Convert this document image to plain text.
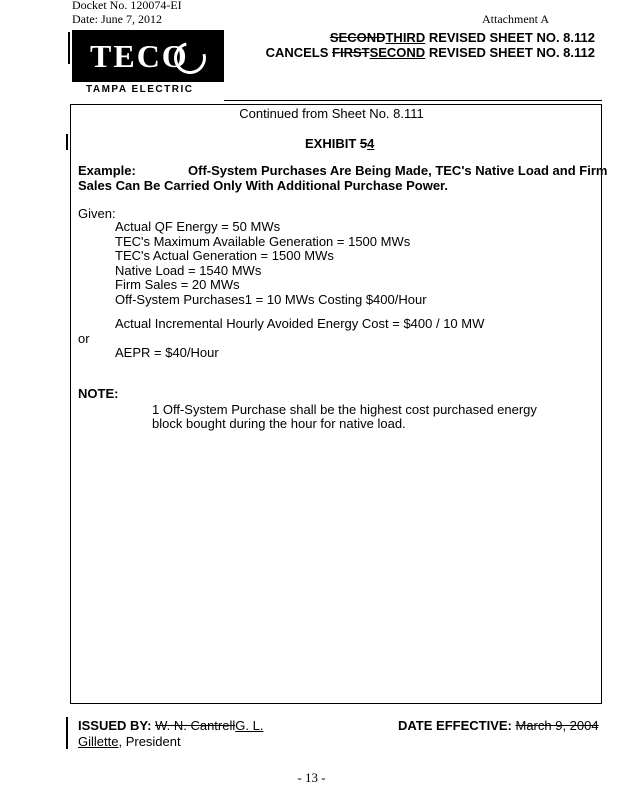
Docket No. 120074-EI
Date: June 7, 2012	Attachment A
TECO
TAMPA ELECTRIC
SECONDTHIRD REVISED SHEET NO. 8.112
CANCELS FIRSTSECOND REVISED SHEET NO. 8.112
Continued from Sheet No. 8.111
EXHIBIT 54
Example:	Off-System Purchases Are Being Made, TEC's Native Load and Firm
Sales Can Be Carried Only With Additional Purchase Power.
Given:
Actual QF Energy = 50 MWs
TEC's Maximum Available Generation = 1500 MWs
TEC's Actual Generation = 1500 MWs
Native Load = 1540 MWs
Firm Sales = 20 MWs
Off-System Purchases1 = 10 MWs Costing $400/Hour
Actual Incremental Hourly Avoided Energy Cost = $400 / 10 MW
or
AEPR = $40/Hour
NOTE:
1 Off-System Purchase shall be the highest cost purchased energy
block bought during the hour for native load.
ISSUED BY: W. N. CantrellG. L.
Gillette, President
DATE EFFECTIVE: March 9, 2004
- 13 -
